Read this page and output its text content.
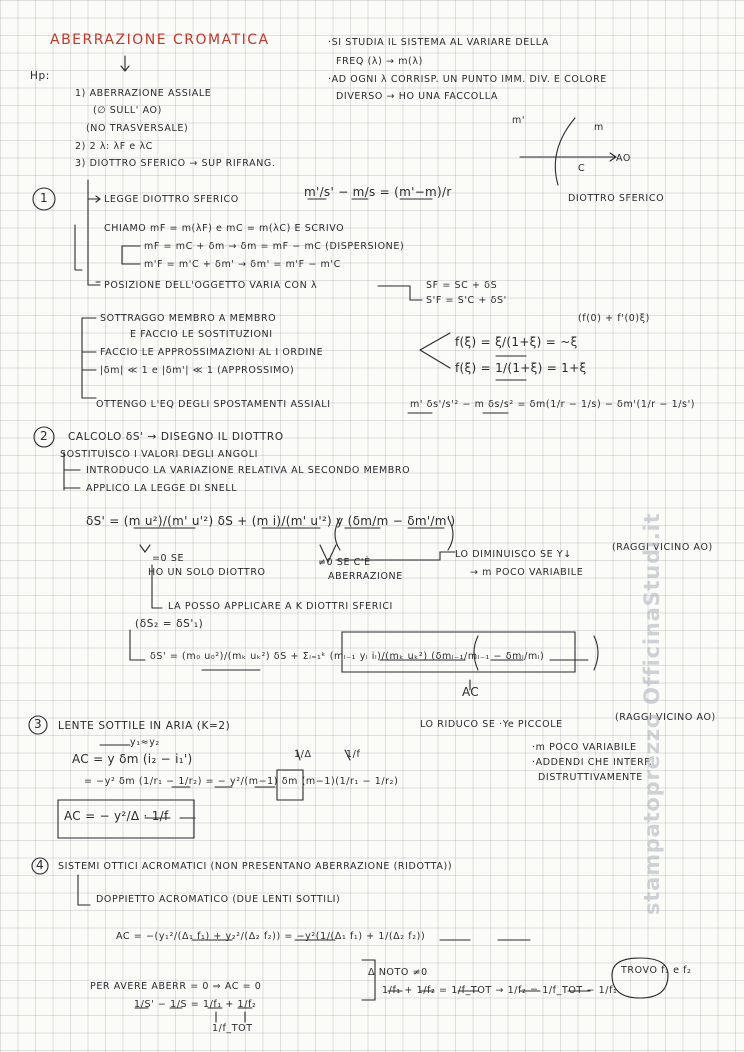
ABERRAZIONE CROMATICA	·SI STUDIA IL SISTEMA AL VARIARE DELLA
FREQ (λ) → m(λ)
·AD OGNI λ CORRISP. UN PUNTO IMM. DIV. E COLORE
DIVERSO → HO UNA FACCOLLA
Hp:
1) ABERRAZIONE ASSIALE
(∅ SULL' AO)
(NO TRASVERSALE)
2) 2 λ: λF e λC
3) DIOTTRO SFERICO → SUP RIFRANG.
m'
m
AO
C
DIOTTRO SFERICO
1	LEGGE DIOTTRO SFERICO
m'/s' − m/s = (m'−m)/r
CHIAMO mF = m(λF) e mC = m(λC) E SCRIVO
mF = mC + δm → δm = mF − mC (DISPERSIONE)
m'F = m'C + δm' → δm' = m'F − m'C
POSIZIONE DELL'OGGETTO VARIA CON λ	SF = SC + δS
S'F = S'C + δS'
SOTTRAGGO MEMBRO A MEMBRO
E FACCIO LE SOSTITUZIONI
FACCIO LE APPROSSIMAZIONI AL I ORDINE
|δm| ≪ 1 e |δm'| ≪ 1 (APPROSSIMO)
(f(0) + f'(0)ξ)
f(ξ) = ξ/(1+ξ) = ~ξ
f(ξ) = 1/(1+ξ) = 1+ξ
OTTENGO L'EQ DEGLI SPOSTAMENTI ASSIALI	m' δs'/s'² − m δs/s² = δm(1/r − 1/s) − δm'(1/r − 1/s')
2 CALCOLO δS' → DISEGNO IL DIOTTRO
SOSTITUISCO I VALORI DEGLI ANGOLI
INTRODUCO LA VARIAZIONE RELATIVA AL SECONDO MEMBRO
APPLICO LA LEGGE DI SNELL
δS' = (m u²)/(m' u'²) δS + (m i)/(m' u'²) y (δm/m − δm'/m')
=0 SE
HO UN SOLO DIOTTRO
≠0 SE C'È
ABERRAZIONE
LO DIMINUISCO SE Y↓
(RAGGI VICINO AO)
→ m POCO VARIABILE
LA POSSO APPLICARE A K DIOTTRI SFERICI
(δS₂ = δS'₁)
δS' = (m₀ u₀²)/(mₖ uₖ²) δS + Σₗ₌₁ᵏ (mₗ₋₁ yₗ iₗ)/(mₖ uₖ²) (δmₗ₋₁/mₗ₋₁ − δmₗ/mₗ)
AC
3 LENTE SOTTILE IN ARIA (K=2)
y₁≈y₂
AC = y δm (i₂ − i₁')
= −y² δm (1/r₁ − 1/r₂) = − y²/(m−1) δm (m−1)(1/r₁ − 1/r₂)
1/Δ	1/f
AC = − y²/Δ · 1/f
LO RIDUCO SE ·Ye PICCOLE
(RAGGI VICINO AO)
·m POCO VARIABILE
·ADDENDI CHE INTERF.
DISTRUTTIVAMENTE
4 SISTEMI OTTICI ACROMATICI (NON PRESENTANO ABERRAZIONE (RIDOTTA))
DOPPIETTO ACROMATICO (DUE LENTI SOTTILI)
AC = −(y₁²/(Δ₁ f₁) + y₂²/(Δ₂ f₂)) = −y²(1/(Δ₁ f₁) + 1/(Δ₂ f₂))
PER AVERE ABERR = 0 ⇒ AC = 0
Δ NOTO ≠0
1/f₁ + 1/f₂ = 1/f_TOT → 1/f₂ = 1/f_TOT − 1/f₁
1/S' − 1/S = 1/f₁ + 1/f₂
1/f_TOT
TROVO f₁ e f₂
stampatoprezzo OfficinaStudi.it
